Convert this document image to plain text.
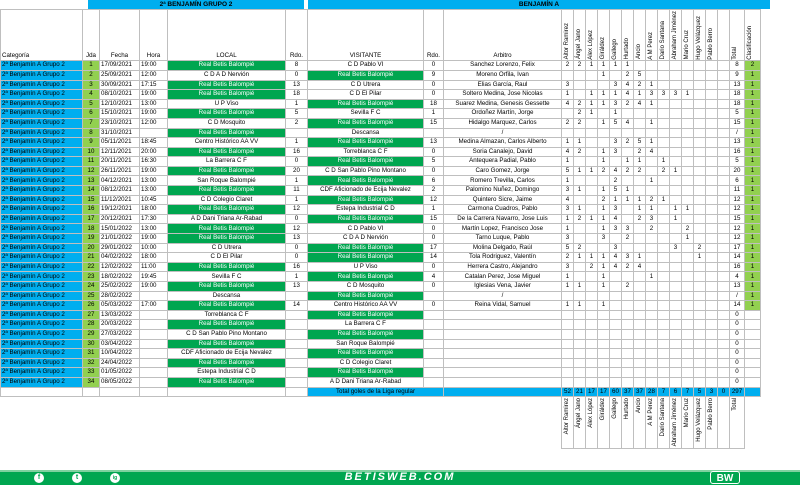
2ª BENJAMÍN GRUPO 2	BENJAMÍN A
Categoría	Jda	Fecha	Hora	LOCAL	Rdo.	VISITANTE	Rdo.	Arbitro	Aitor Ramirez	Ángel Jano	Alex López	Giráldez	Gallego	Hurtado	Ancio	A M Perez	Dario Santana	Abraham Jiménez	Mario Cruz	Hugo Velázquez	Pablo Berro		Total	Clasificación

2ª Benjamín A Grupo 2	1	17/09/2021	19:00	Real Betis Balompié	8	C D Pablo VI	0	Sanchez Lorenzo, Felix	2	2	1	1	1	1									8	2
2ª Benjamín A Grupo 2	2	25/09/2021	12:00	C D A D Nervión	0	Real Betis Balompié	9	Moreno Orfila, Ivan				1		2	5								9	1
2ª Benjamín A Grupo 2	3	30/09/2021	17:15	Real Betis Balompié	13	C D Utrera	0	Elias García, Raul	3				3	4	2	1							13	1
2ª Benjamín A Grupo 2	4	08/10/2021	19:00	Real Betis Balompié	18	C D El Pilar	0	Soltero Medina, Jose Nicolas	1		1	1	1	4	1	3	3	3	1				18	1
2ª Benjamín A Grupo 2	5	12/10/2021	13:00	U P Viso	1	Real Betis Balompié	18	Suarez Medina, Genesis Gessette	4	2	1	1	3	2	4	1							18	1
2ª Benjamín A Grupo 2	6	15/10/2021	19:00	Real Betis Balompié	5	Sevilla F C	1	Ordoñez Martín, Jorge		2	1		1										5	1
2ª Benjamín A Grupo 2	7	23/10/2021	12:00	C D Mosquito	2	Real Betis Balompié	15	Hidalgo Marquez, Carlos	2	2		1	5	4		1							15	1
2ª Benjamín A Grupo 2	8	31/10/2021		Real Betis Balompié		Descansa		/															/	1
2ª Benjamín A Grupo 2	9	05/11/2021	18:45	Centro Histórico AA VV	1	Real Betis Balompié	13	Medina Almazan, Carlos Alberto	1	1			3	2	5	1							13	1
2ª Benjamín A Grupo 2	10	12/11/2021	20:00	Real Betis Balompié	16	Torreblanca C F	0	Soria Canalejo, David	4	2		1	3		2	4							16	1
2ª Benjamín A Grupo 2	11	20/11/2021	16:30	La Barrera C F	0	Real Betis Balompié	5	Antequera Padial, Pablo	1			1		1	1		1						5	1
2ª Benjamín A Grupo 2	12	26/11/2021	19:00	Real Betis Balompié	20	C D San Pablo Pino Montano	0	Caro Gomez, Jorge	5	1	1	2	4	2	2		2	1					20	1
2ª Benjamín A Grupo 2	13	04/12/2021	13:00	San Roque Balompié	1	Real Betis Balompié	6	Romero Trevilla, Carlos	1				2			1							6	1
2ª Benjamín A Grupo 2	14	08/12/2021	13:00	Real Betis Balompié	11	CDF Aficionado de Ecija Nevalez	2	Palomino Nuñez, Domingo	3	1		1	5	1									11	1
2ª Benjamín A Grupo 2	15	11/12/2021	10:45	C D Colegio Claret	1	Real Betis Balompié	12	Quintero Sicre, Jaime	4			2	1	1	1	2	1						12	1
2ª Benjamín A Grupo 2	16	19/12/2021	18:00	Real Betis Balompié	12	Estepa Industrial C D	1	Carmona Cuadros, Pablo	3	1		1	3		1	1		1	1				12	1
2ª Benjamín A Grupo 2	17	20/12/2021	17:30	A D Dani Triana Ar-Rabad	0	Real Betis Balompié	15	De la Carrera Navarro, Jose Luis	1	2	1	1	4		2	3		1					15	1
2ª Benjamín A Grupo 2	18	15/01/2022	13:00	Real Betis Balompié	12	C D Pablo VI	0	Martín Lopez, Francisco Jose	1			1	3	3		2			2				12	1
2ª Benjamín A Grupo 2	19	21/01/2022	19:00	Real Betis Balompié	13	C D A D Nervión	0	Tarno Luque, Pablo	3			3		2					1				12	1
2ª Benjamín A Grupo 2	20	29/01/2022	10:00	C D Utrera	0	Real Betis Balompié	17	Molina Delgado, Raúl	5	2			3					3		2			17	1
2ª Benjamín A Grupo 2	21	04/02/2022	18:00	C D El Pilar	0	Real Betis Balompié	14	Tola Rodriguez, Valentín	2	1	1	1	4	3	1					1			14	1
2ª Benjamín A Grupo 2	22	12/02/2022	11:00	Real Betis Balompié	16	U P Viso	0	Herrera Castro, Alejandro	3		2	1	4	2	4								16	1
2ª Benjamín A Grupo 2	23	18/02/2022	19:45	Sevilla F C	1	Real Betis Balompié	4	Catalan Perez, Jose Miguel	1			1				1							4	1
2ª Benjamín A Grupo 2	24	25/02/2022	19:00	Real Betis Balompié	13	C D Mosquito	0	Iglesias Vena, Javier	1	1		1		2									13	1
2ª Benjamín A Grupo 2	25	28/02/2022		Descansa		Real Betis Balompié		/															/	1
2ª Benjamín A Grupo 2	26	05/03/2022	17:00	Real Betis Balompié	14	Centro Histórico AA VV	0	Reina Vidal, Samuel	1	1		1											14	1
2ª Benjamín A Grupo 2	27	13/03/2022		Torreblanca C F		Real Betis Balompié																	0	
2ª Benjamín A Grupo 2	28	20/03/2022		Real Betis Balompié		La Barrera C F																	0	
2ª Benjamín A Grupo 2	29	27/03/2022		C D San Pablo Pino Montano		Real Betis Balompié																	0	
2ª Benjamín A Grupo 2	30	03/04/2022		Real Betis Balompié		San Roque Balompié																	0	
2ª Benjamín A Grupo 2	31	10/04/2022		CDF Aficionado de Ecija Nevalez		Real Betis Balompié																	0	
2ª Benjamín A Grupo 2	32	24/04/2022		Real Betis Balompié		C D Colegio Claret																	0	
2ª Benjamín A Grupo 2	33	01/05/2022		Estepa Industrial C D		Real Betis Balompié																	0	
2ª Benjamín A Grupo 2	34	08/05/2022		Real Betis Balompié		A D Dani Triana Ar-Rabad																	0	
						Total goles de la Liga regular			52	21	17	17	60	37	37	28	7	6	7	5	3	0	297	

									Aitor Ramirez	Ángel Jano	Alex López	Giráldez	Gallego	Hurtado	Ancio	A M Perez	Dario Santana	Abraham Jiménez	Mario Cruz	Hugo Velázquez	Pablo Berro		Total	

f	t	ig	BETISWEB.COM	BW
